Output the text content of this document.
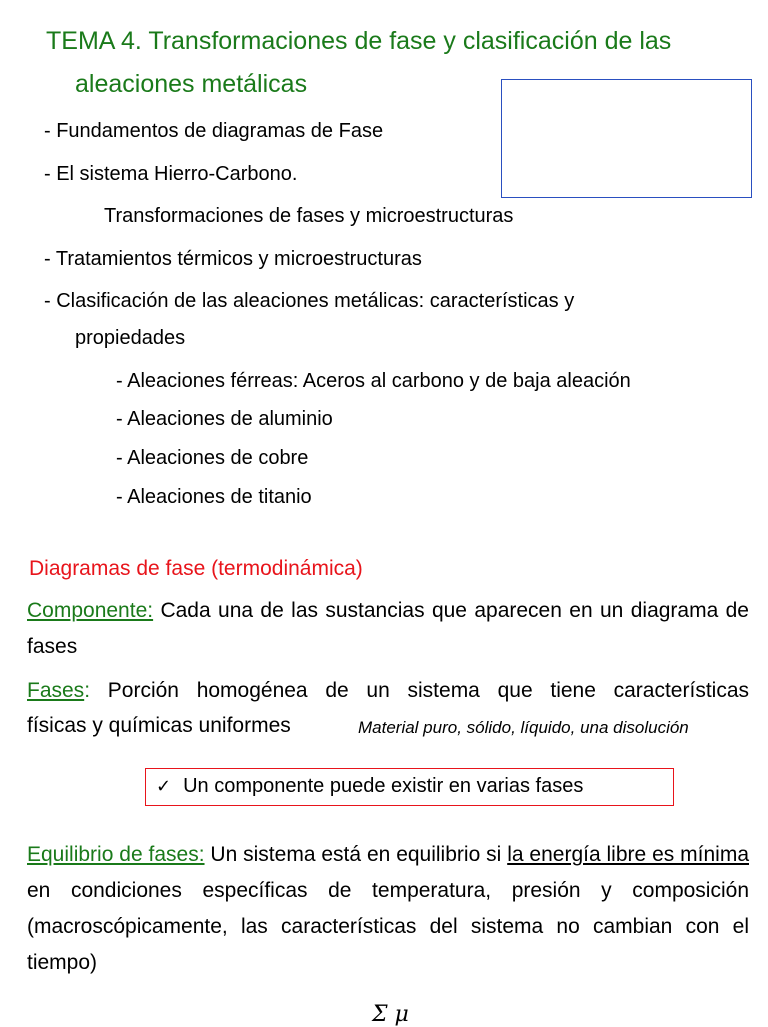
TEMA 4. Transformaciones de fase y clasificación de las
aleaciones metálicas
- Fundamentos de diagramas de Fase
- El sistema Hierro-Carbono.
Transformaciones de fases y microestructuras
- Tratamientos térmicos y microestructuras
- Clasificación de las aleaciones metálicas: características y
propiedades
- Aleaciones férreas: Aceros al carbono y de baja aleación
- Aleaciones de aluminio
- Aleaciones de cobre
- Aleaciones de titanio
Diagramas de fase (termodinámica)
Componente: Cada una de las sustancias que aparecen en un diagrama de fases
Fases: Porción homogénea de un sistema que tiene características
físicas y químicas uniformes	Material puro, sólido, líquido, una disolución
✓ Un componente puede existir en varias fases
Equilibrio de fases: Un sistema está en equilibrio si la energía libre es mínima en condiciones específicas de temperatura, presión y composición (macroscópicamente, las características del sistema no cambian con el tiempo)
Σ μ
